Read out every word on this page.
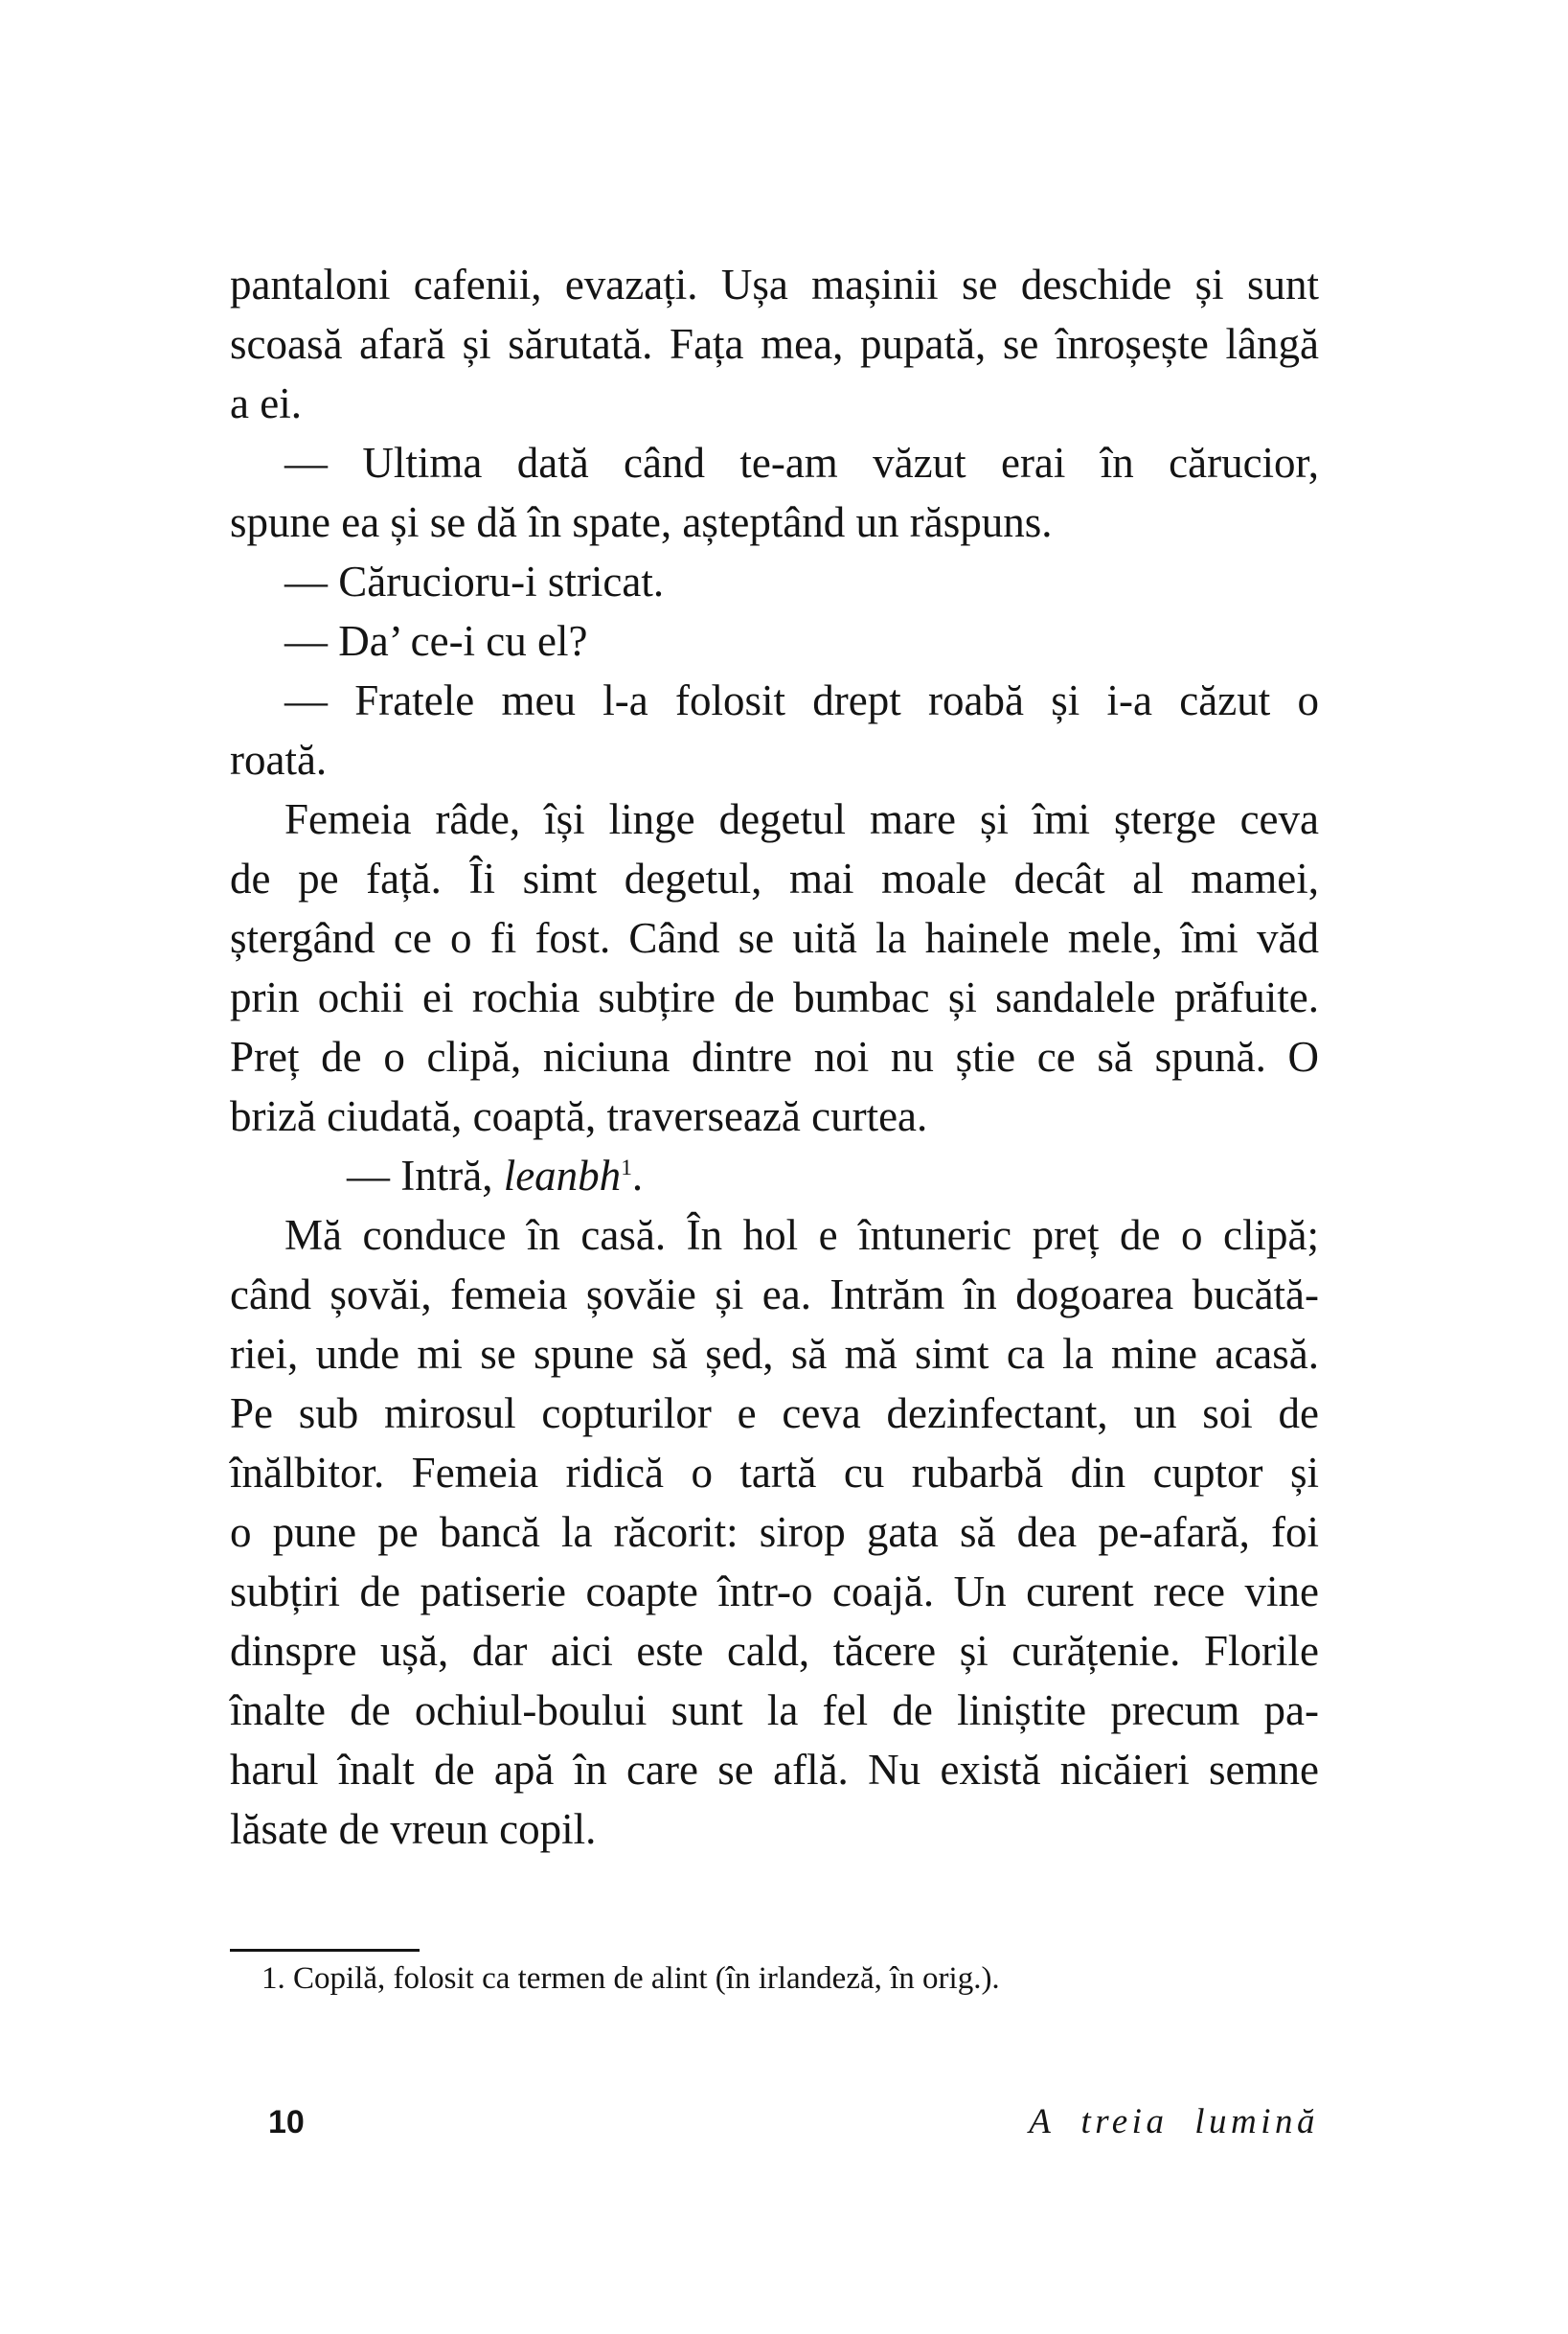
pantaloni cafenii, evazați. Ușa mașinii se deschide și sunt
scoasă afară și sărutată. Fața mea, pupată, se înroșește lângă
a ei.
— Ultima dată când te-am văzut erai în cărucior,
spune ea și se dă în spate, așteptând un răspuns.
— Cărucioru-i stricat.
— Da’ ce-i cu el?
— Fratele meu l-a folosit drept roabă și i-a căzut o
roată.
Femeia râde, își linge degetul mare și îmi șterge ceva
de pe față. Îi simt degetul, mai moale decât al mamei,
ștergând ce o fi fost. Când se uită la hainele mele, îmi văd
prin ochii ei rochia subțire de bumbac și sandalele prăfuite.
Preț de o clipă, niciuna dintre noi nu știe ce să spună. O
briză ciudată, coaptă, traversează curtea.
— Intră, leanbh$^1$.
Mă conduce în casă. În hol e întuneric preț de o clipă;
când șovăi, femeia șovăie și ea. Intrăm în dogoarea bucătă-
riei, unde mi se spune să șed, să mă simt ca la mine acasă.
Pe sub mirosul copturilor e ceva dezinfectant, un soi de
înălbitor. Femeia ridică o tartă cu rubarbă din cuptor și
o pune pe bancă la răcorit: sirop gata să dea pe-afară, foi
subțiri de patiserie coapte într-o coajă. Un curent rece vine
dinspre ușă, dar aici este cald, tăcere și curățenie. Florile
înalte de ochiul-boului sunt la fel de liniștite precum pa-
harul înalt de apă în care se află. Nu există nicăieri semne
lăsate de vreun copil.
1. Copilă, folosit ca termen de alint (în irlandeză, în orig.).
10	A treia lumină
